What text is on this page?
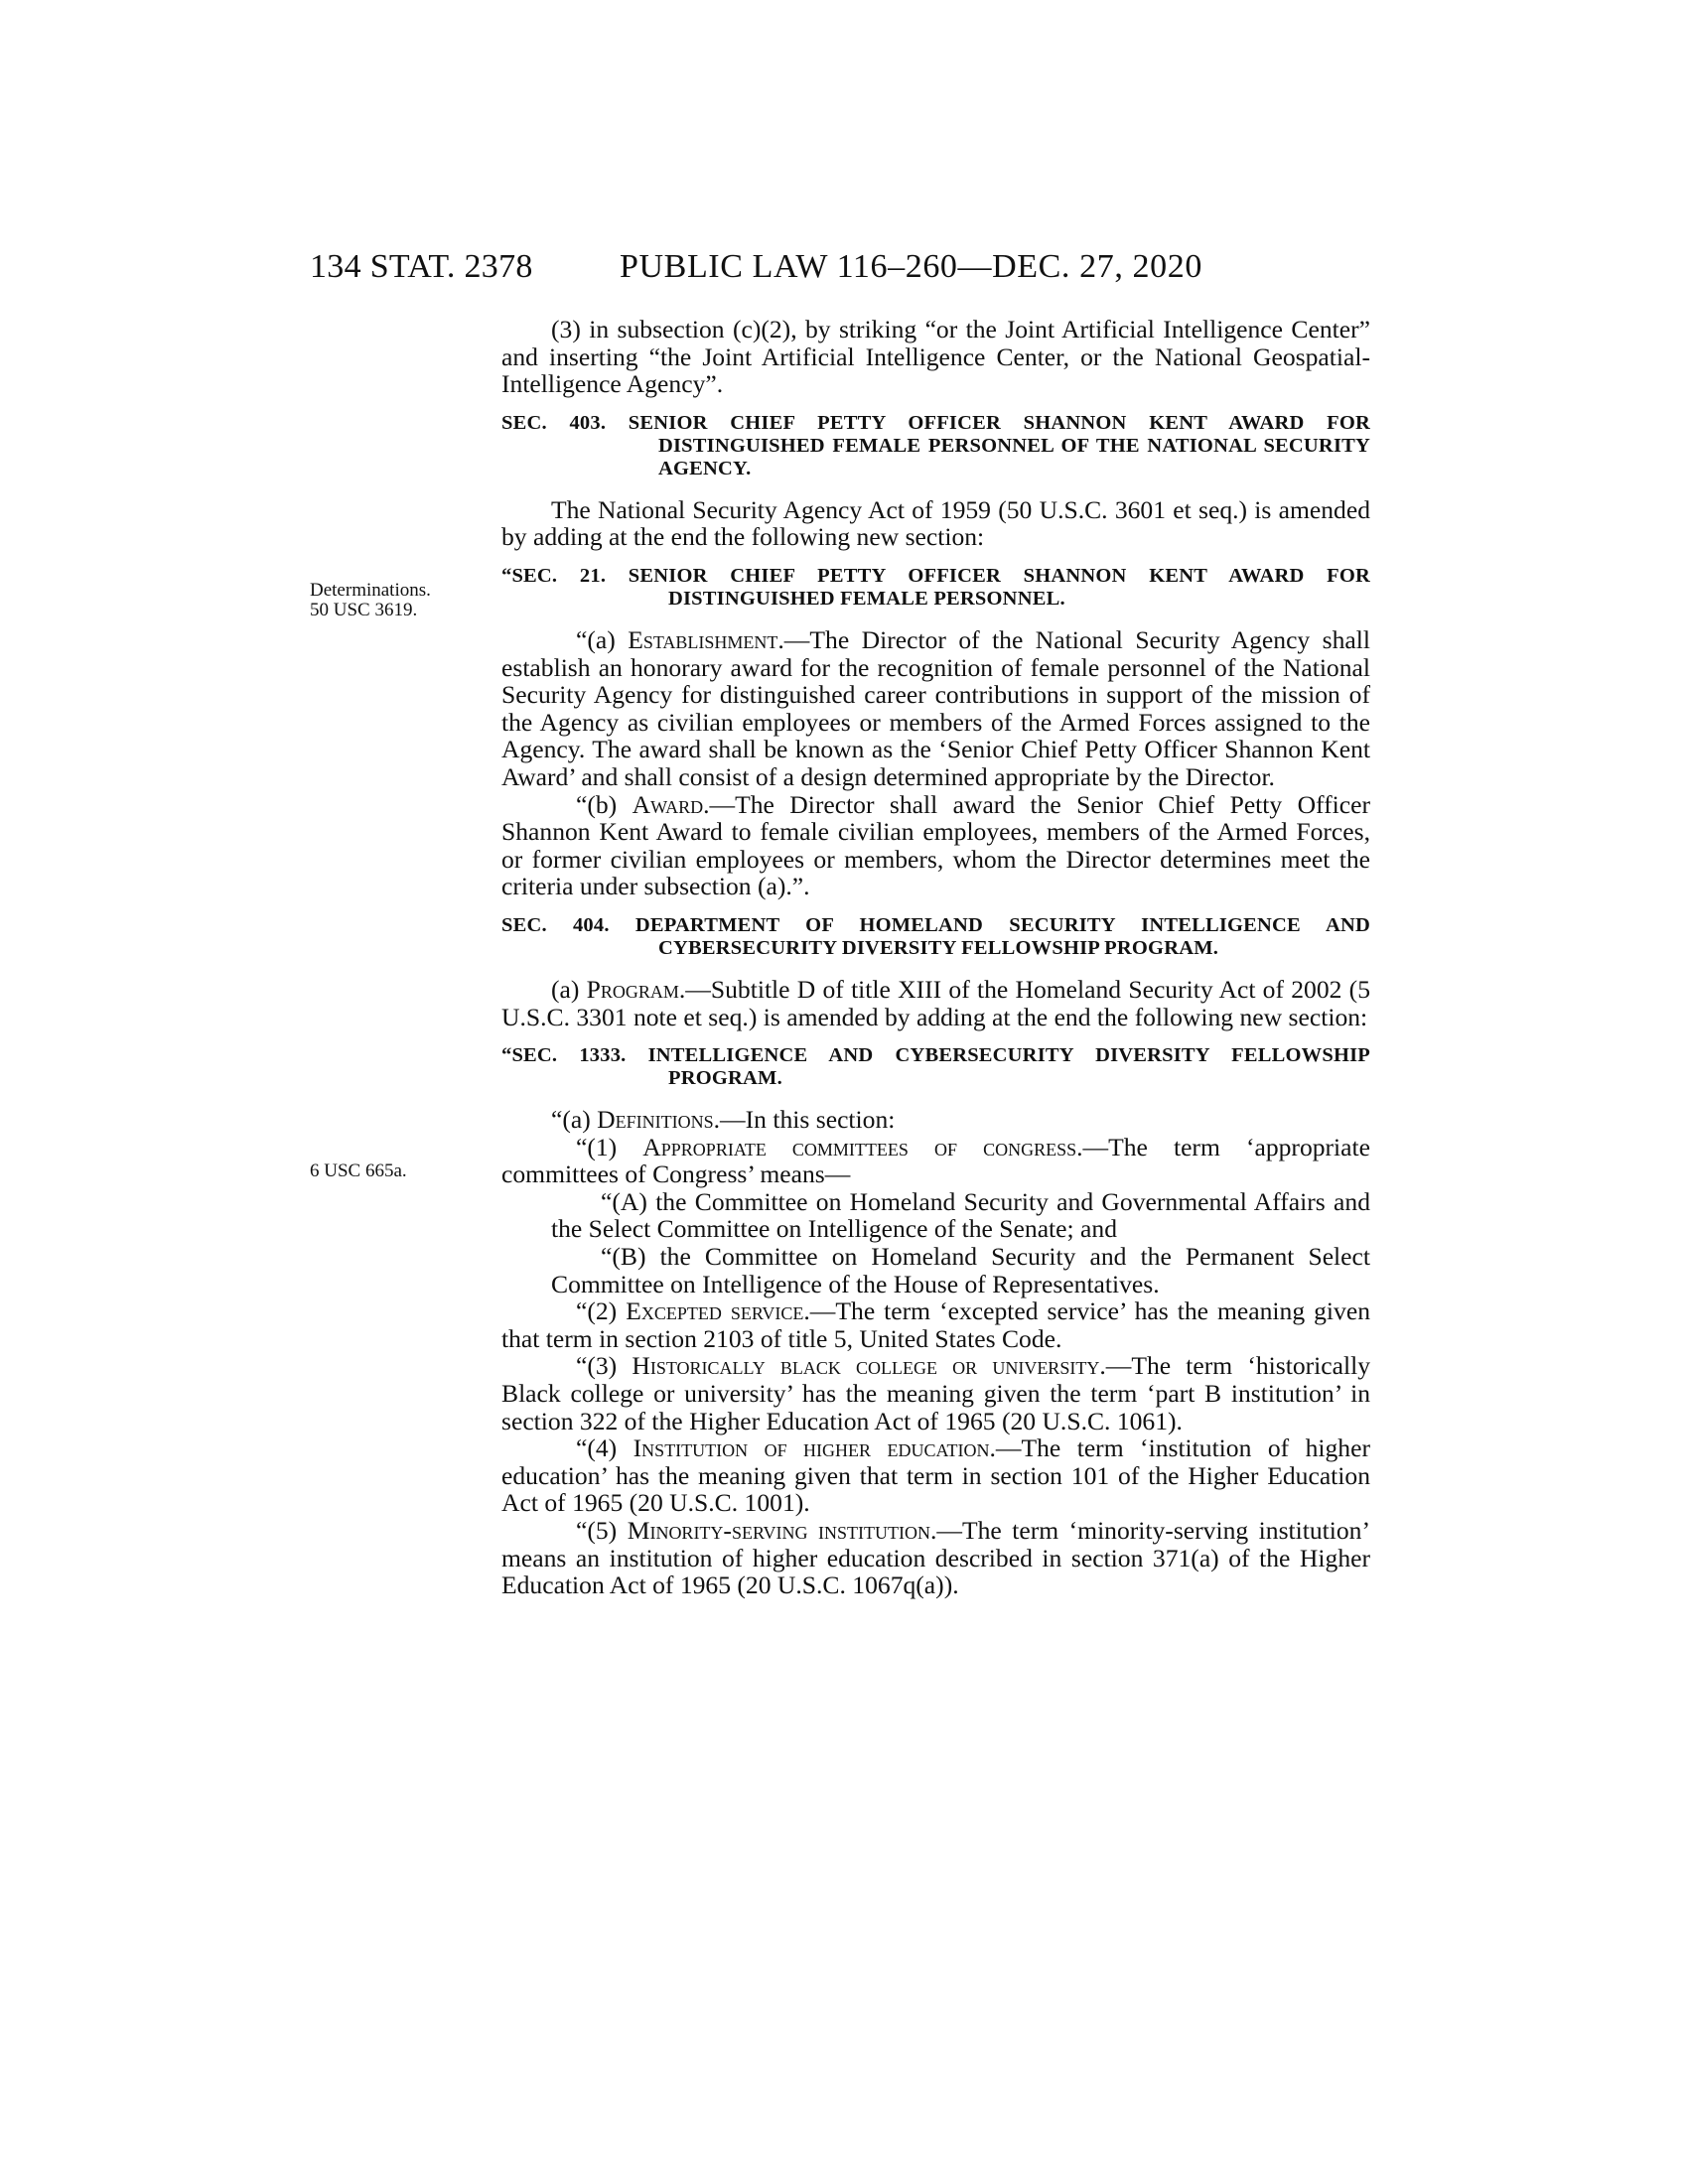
134 STAT. 2378	PUBLIC LAW 116–260—DEC. 27, 2020
Determinations.
50 USC 3619.
6 USC 665a.

(3) in subsection (c)(2), by striking “or the Joint Artificial Intelligence Center” and inserting “the Joint Artificial Intelligence Center, or the National Geospatial-Intelligence Agency”.

SEC. 403. SENIOR CHIEF PETTY OFFICER SHANNON KENT AWARD FOR DISTINGUISHED FEMALE PERSONNEL OF THE NATIONAL SECURITY AGENCY.

The National Security Agency Act of 1959 (50 U.S.C. 3601 et seq.) is amended by adding at the end the following new section:

“SEC. 21. SENIOR CHIEF PETTY OFFICER SHANNON KENT AWARD FOR DISTINGUISHED FEMALE PERSONNEL.

“(a) Establishment.—The Director of the National Security Agency shall establish an honorary award for the recognition of female personnel of the National Security Agency for distinguished career contributions in support of the mission of the Agency as civilian employees or members of the Armed Forces assigned to the Agency. The award shall be known as the ‘Senior Chief Petty Officer Shannon Kent Award’ and shall consist of a design determined appropriate by the Director.

“(b) Award.—The Director shall award the Senior Chief Petty Officer Shannon Kent Award to female civilian employees, members of the Armed Forces, or former civilian employees or members, whom the Director determines meet the criteria under subsection (a).”.

SEC. 404. DEPARTMENT OF HOMELAND SECURITY INTELLIGENCE AND CYBERSECURITY DIVERSITY FELLOWSHIP PROGRAM.

(a) Program.—Subtitle D of title XIII of the Homeland Security Act of 2002 (5 U.S.C. 3301 note et seq.) is amended by adding at the end the following new section:

“SEC. 1333. INTELLIGENCE AND CYBERSECURITY DIVERSITY FELLOWSHIP PROGRAM.

“(a) Definitions.—In this section:

“(1) Appropriate committees of congress.—The term ‘appropriate committees of Congress’ means—

“(A) the Committee on Homeland Security and Governmental Affairs and the Select Committee on Intelligence of the Senate; and

“(B) the Committee on Homeland Security and the Permanent Select Committee on Intelligence of the House of Representatives.

“(2) Excepted service.—The term ‘excepted service’ has the meaning given that term in section 2103 of title 5, United States Code.

“(3) Historically black college or university.—The term ‘historically Black college or university’ has the meaning given the term ‘part B institution’ in section 322 of the Higher Education Act of 1965 (20 U.S.C. 1061).

“(4) Institution of higher education.—The term ‘institution of higher education’ has the meaning given that term in section 101 of the Higher Education Act of 1965 (20 U.S.C. 1001).

“(5) Minority-serving institution.—The term ‘minority-serving institution’ means an institution of higher education described in section 371(a) of the Higher Education Act of 1965 (20 U.S.C. 1067q(a)).
